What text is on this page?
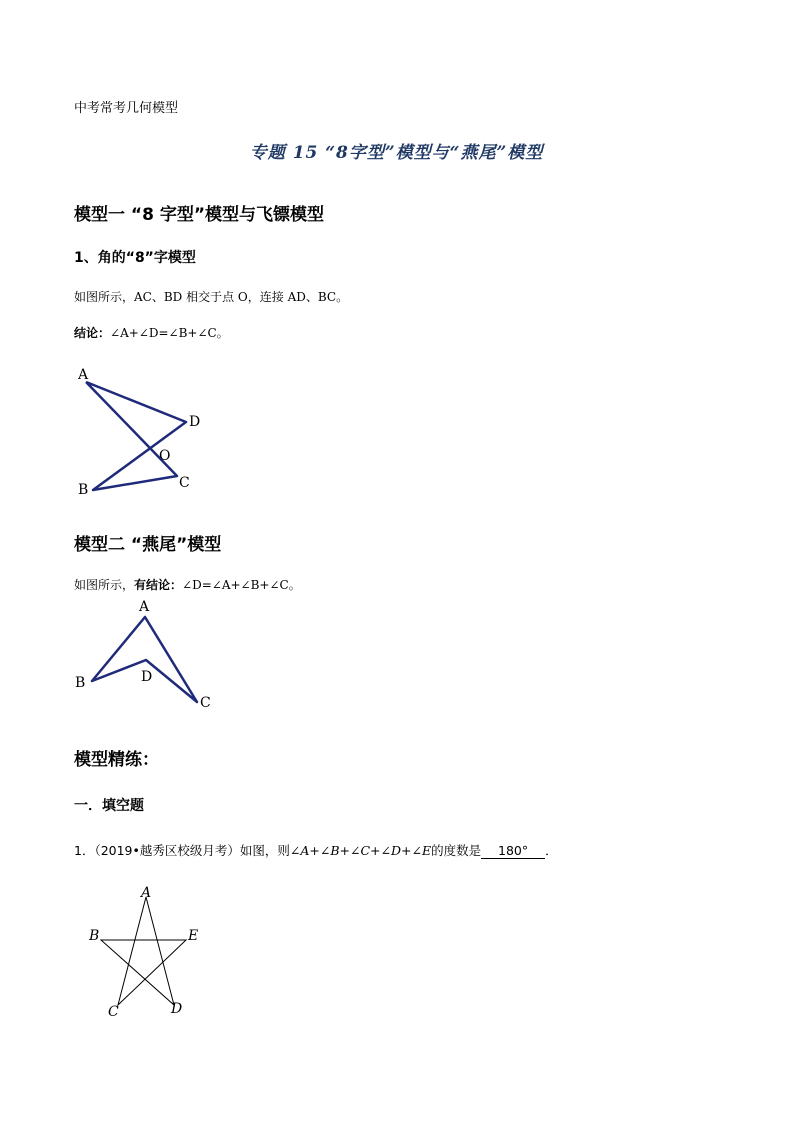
中考常考几何模型

专题 15 “8字型”模型与“燕尾”模型

模型一 “8 字型”模型与飞镖模型

1、角的“8”字模型

如图所示，AC、BD 相交于点 O，连接 AD、BC。

结论：∠A+∠D=∠B+∠C。

A
D
O
B	C
A
B	D
C
A
B	E
C	D

模型二 “燕尾”模型

如图所示，有结论：∠D=∠A+∠B+∠C。

模型精练：

一．填空题

1．（2019•越秀区校级月考）如图，则∠A+∠B+∠C+∠D+∠E的度数是 180° ．
